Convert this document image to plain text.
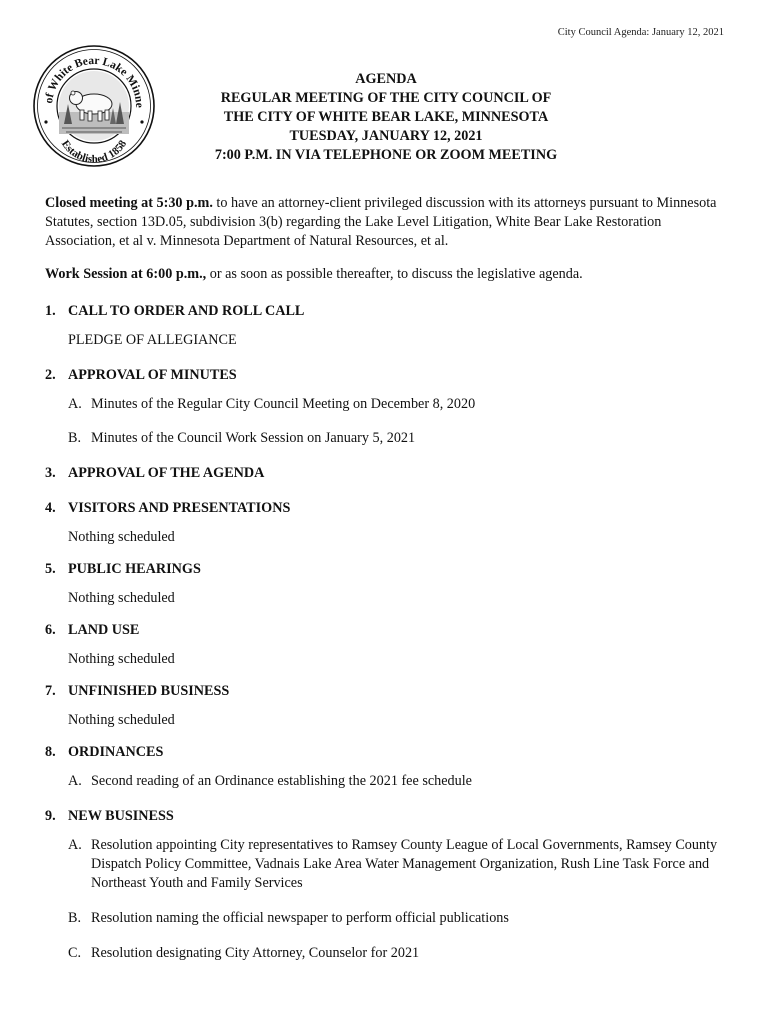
City Council Agenda: January 12, 2021
of White Bear Lake Minne
Established 1858
AGENDA
REGULAR MEETING OF THE CITY COUNCIL OF
THE CITY OF WHITE BEAR LAKE, MINNESOTA
TUESDAY, JANUARY 12, 2021
7:00 P.M. IN VIA TELEPHONE OR ZOOM MEETING

Closed meeting at 5:30 p.m. to have an attorney-client privileged discussion with its attorneys pursuant to Minnesota Statutes, section 13D.05, subdivision 3(b) regarding the Lake Level Litigation, White Bear Lake Restoration Association, et al v. Minnesota Department of Natural Resources, et al.

Work Session at 6:00 p.m., or as soon as possible thereafter, to discuss the legislative agenda.

1. CALL TO ORDER AND ROLL CALL
PLEDGE OF ALLEGIANCE
2. APPROVAL OF MINUTES
A. Minutes of the Regular City Council Meeting on December 8, 2020
B. Minutes of the Council Work Session on January 5, 2021
3. APPROVAL OF THE AGENDA
4. VISITORS AND PRESENTATIONS
Nothing scheduled
5. PUBLIC HEARINGS
Nothing scheduled
6. LAND USE
Nothing scheduled
7. UNFINISHED BUSINESS
Nothing scheduled
8. ORDINANCES
A. Second reading of an Ordinance establishing the 2021 fee schedule
9. NEW BUSINESS
A. Resolution appointing City representatives to Ramsey County League of Local Governments, Ramsey County Dispatch Policy Committee, Vadnais Lake Area Water Management Organization, Rush Line Task Force and Northeast Youth and Family Services
B. Resolution naming the official newspaper to perform official publications
C. Resolution designating City Attorney, Counselor for 2021
